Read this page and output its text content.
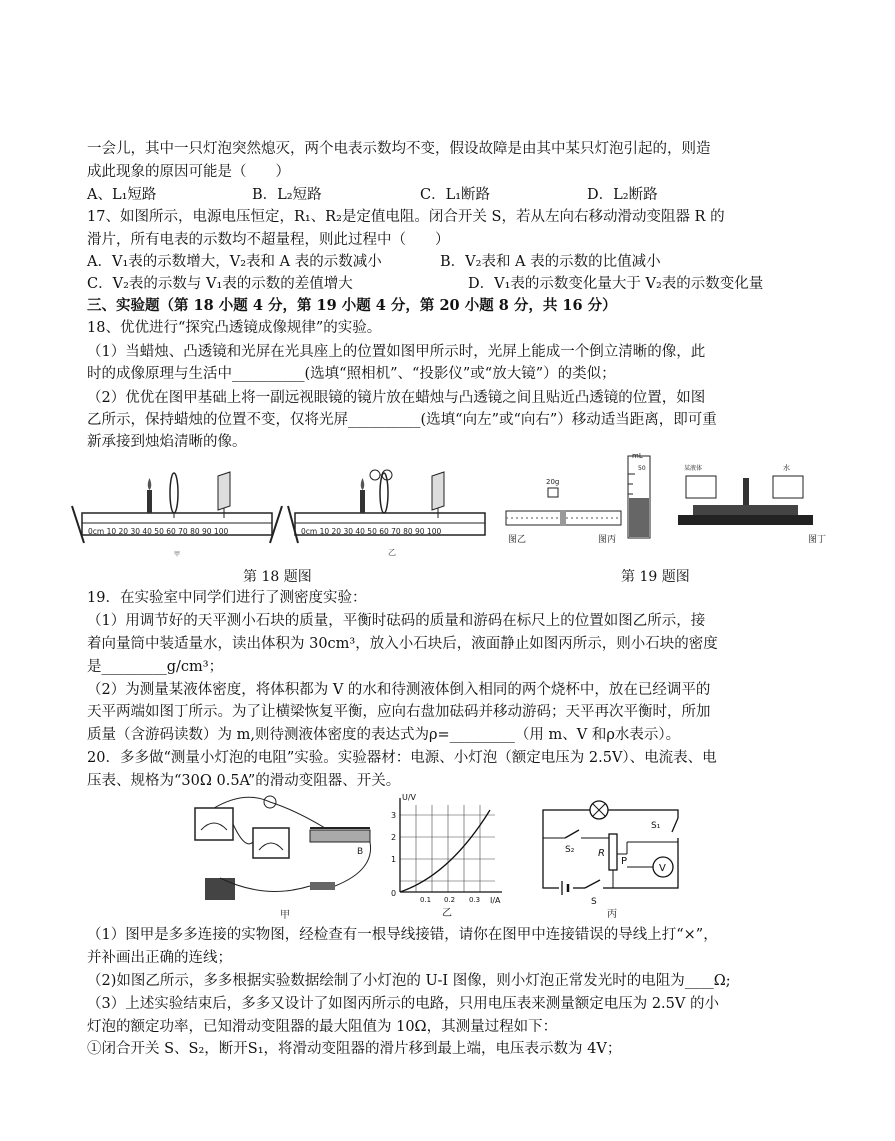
一会儿，其中一只灯泡突然熄灭，两个电表示数均不变，假设故障是由其中某只灯泡引起的，则造
成此现象的原因可能是（　　）
A、L₁短路	B．L₂短路	C．L₁断路	D．L₂断路
17、如图所示，电源电压恒定，R₁、R₂是定值电阻。闭合开关 S，若从左向右移动滑动变阻器 R 的
滑片，所有电表的示数均不超量程，则此过程中（　　）
A．V₁表的示数增大，V₂表和 A 表的示数减小	B．V₂表和 A 表的示数的比值减小
C．V₂表的示数与 V₁表的示数的差值增大	D．V₁表的示数变化量大于 V₂表的示数变化量
三、实验题（第 18 小题 4 分，第 19 小题 4 分，第 20 小题 8 分，共 16 分）
18、优优进行“探究凸透镜成像规律”的实验。
（1）当蜡烛、凸透镜和光屏在光具座上的位置如图甲所示时，光屏上能成一个倒立清晰的像，此
时的成像原理与生活中__________(选填“照相机”、“投影仪”或“放大镜”）的类似；
（2）优优在图甲基础上将一副远视眼镜的镜片放在蜡烛与凸透镜之间且贴近凸透镜的位置，如图
乙所示，保持蜡烛的位置不变，仅将光屏__________(选填“向左”或“向右”）移动适当距离，即可重
新承接到烛焰清晰的像。
0cm 10 20 30 40 50 60 70 80 90 100
甲
0cm 10 20 30 40 50 60 70 80 90 100
乙
20g
图乙
mL
50
图丙
某液体	水
图丁
第 18 题图	第 19 题图
19．在实验室中同学们进行了测密度实验：
（1）用调节好的天平测小石块的质量，平衡时砝码的质量和游码在标尺上的位置如图乙所示，接
着向量筒中装适量水，读出体积为 30cm³，放入小石块后，液面静止如图丙所示，则小石块的密度
是_________g/cm³；
（2）为测量某液体密度，将体积都为 V 的水和待测液体倒入相同的两个烧杯中，放在已经调平的
天平两端如图丁所示。为了让横梁恢复平衡，应向右盘加砝码并移动游码；天平再次平衡时，所加
质量（含游码读数）为 m,则待测液体密度的表达式为ρ=_________（用 m、V 和ρ水表示）。
20．多多做“测量小灯泡的电阻”实验。实验器材：电源、小灯泡（额定电压为 2.5V）、电流表、电
压表、规格为“30Ω 0.5A”的滑动变阻器、开关。
B
甲
U/V
I/A
3
2
1
0
0.1 0.2 0.3
乙
S₁
S₂ R
P
V
S
丙
（1）图甲是多多连接的实物图，经检查有一根导线接错，请你在图甲中连接错误的导线上打“×”，
并补画出正确的连线；
（2)如图乙所示，多多根据实验数据绘制了小灯泡的 U-I 图像，则小灯泡正常发光时的电阻为____Ω;
（3）上述实验结束后，多多又设计了如图丙所示的电路，只用电压表来测量额定电压为 2.5V 的小
灯泡的额定功率，已知滑动变阻器的最大阻值为 10Ω，其测量过程如下：
①闭合开关 S、S₂，断开S₁，将滑动变阻器的滑片移到最上端，电压表示数为 4V；
